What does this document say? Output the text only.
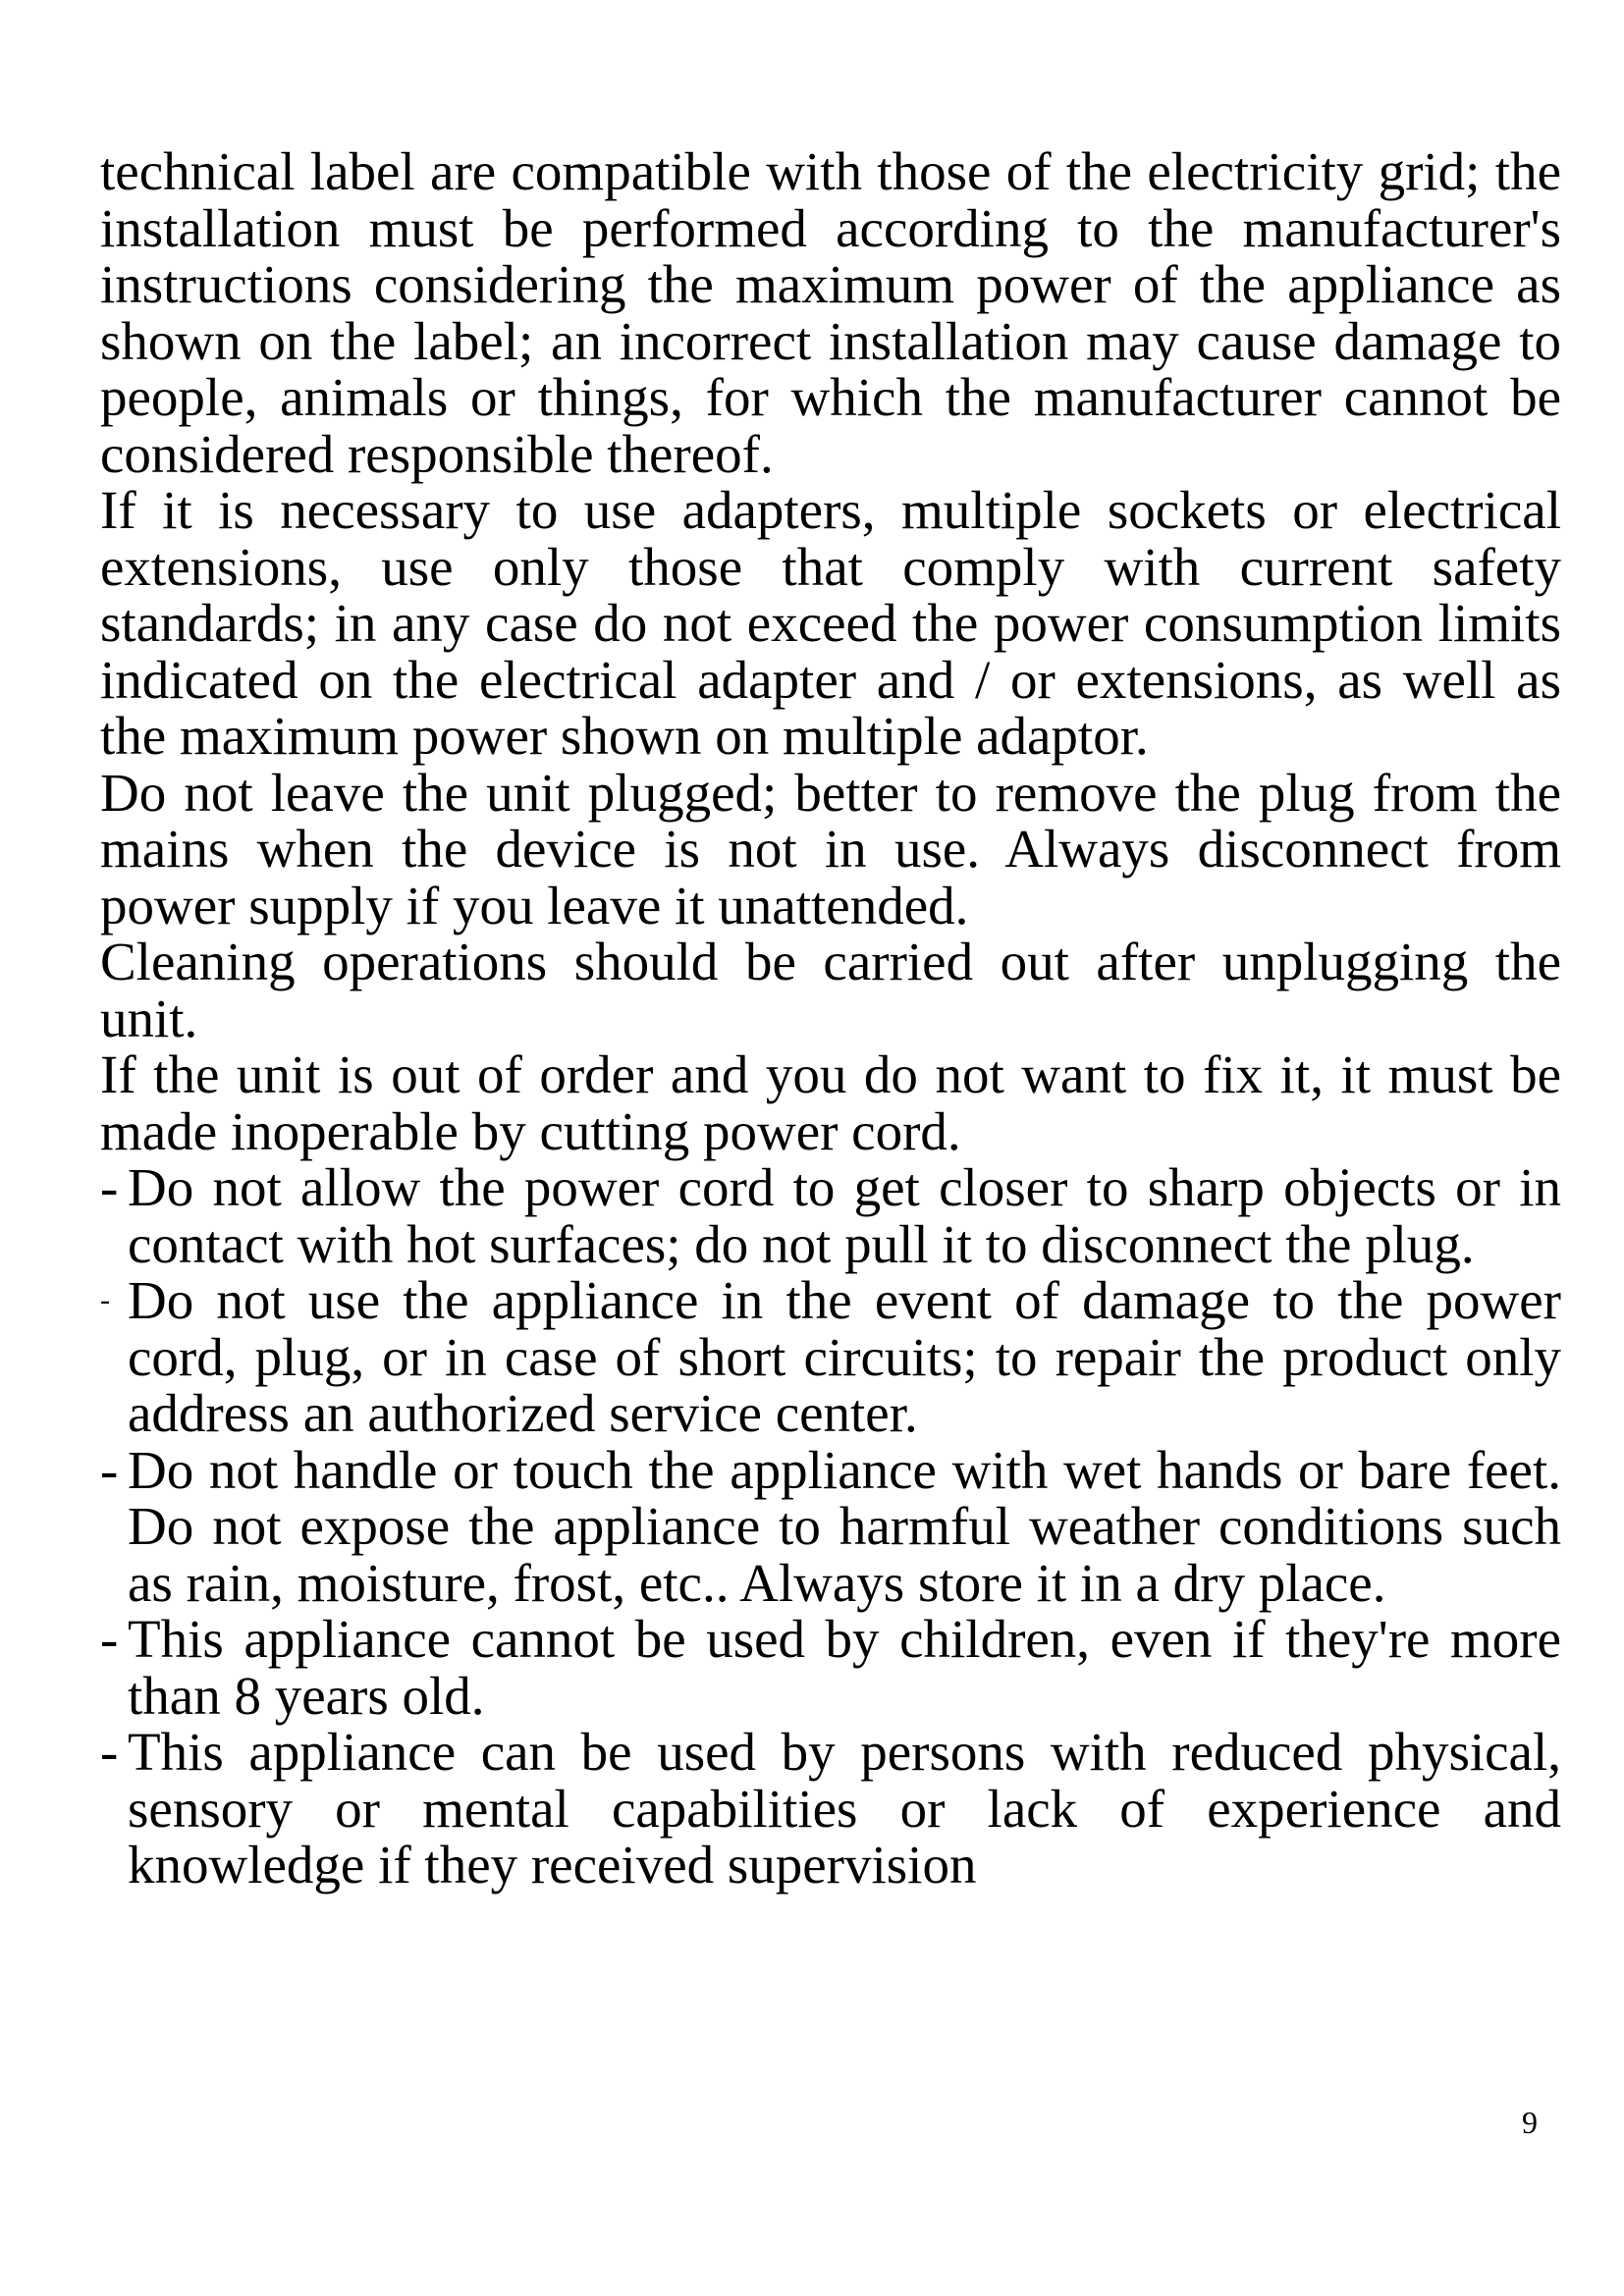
technical label are compatible with those of the electricity grid; the installation must be performed according to the manufacturer's instructions considering the maximum power of the appliance as shown on the label; an incorrect installation may cause damage to people, animals or things, for which the manufacturer cannot be considered responsible thereof.
If it is necessary to use adapters, multiple sockets or electrical extensions, use only those that comply with current safety standards; in any case do not exceed the power consumption limits indicated on the electrical adapter and / or extensions, as well as the maximum power shown on multiple adaptor.
Do not leave the unit plugged; better to remove the plug from the mains when the device is not in use. Always disconnect from power supply if you leave it unattended.
Cleaning operations should be carried out after unplugging the unit.
If the unit is out of order and you do not want to fix it, it must be made inoperable by cutting power cord.
- Do not allow the power cord to get closer to sharp objects or in contact with hot surfaces; do not pull it to disconnect the plug.
- Do not use the appliance in the event of damage to the power cord, plug, or in case of short circuits; to repair the product only address an authorized service center.
- Do not handle or touch the appliance with wet hands or bare feet. Do not expose the appliance to harmful weather conditions such as rain, moisture, frost, etc.. Always store it in a dry place.
- This appliance cannot be used by children, even if they're more than 8 years old.
- This appliance can be used by persons with reduced physical, sensory or mental capabilities or lack of experience and knowledge if they received supervision
9
